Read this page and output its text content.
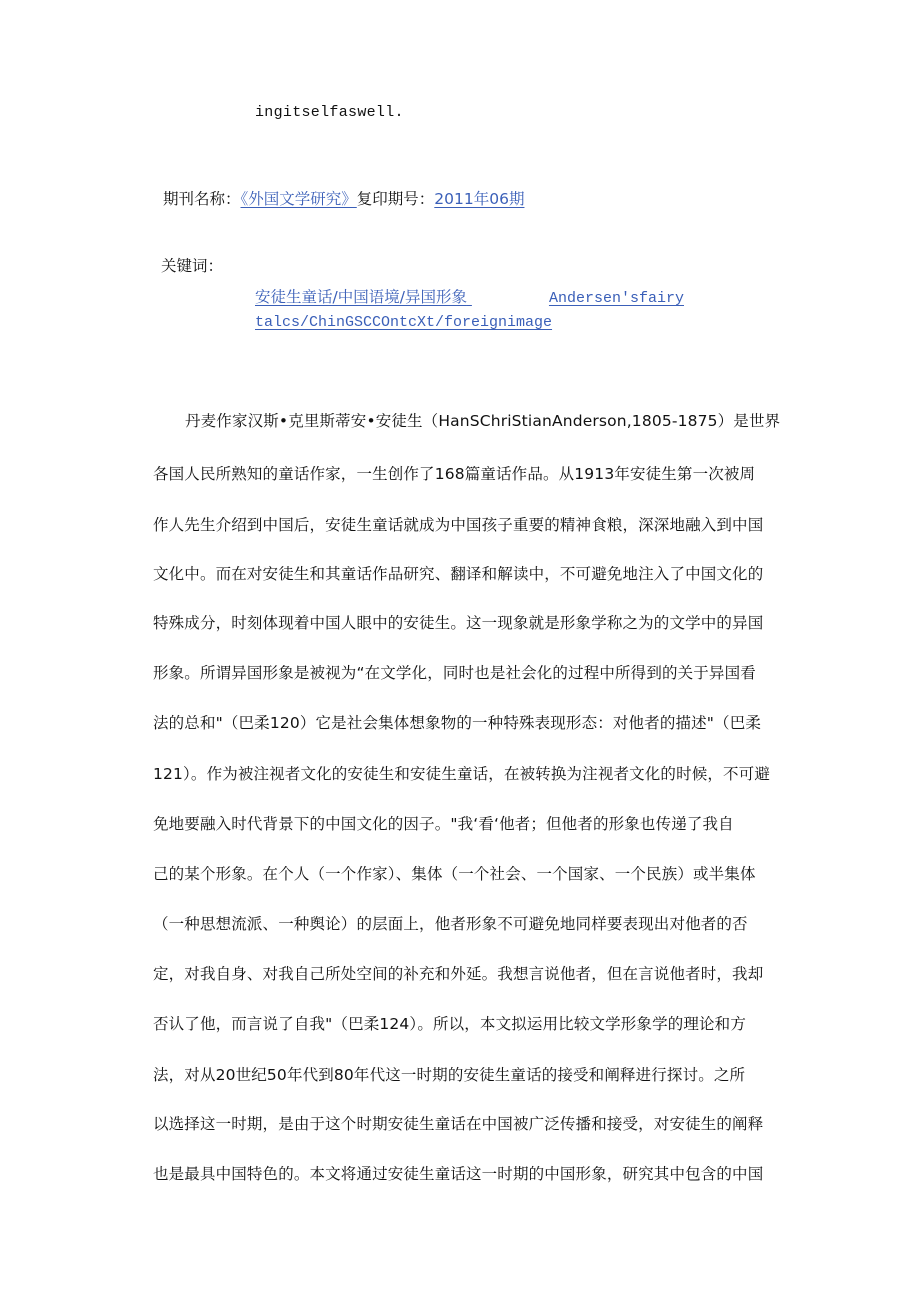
ingitselfaswell.

期刊名称：《外国文学研究》复印期号：2011年06期
关键词：
安徒生童话/中国语境/异国形象	Andersen'sfairy
talcs/ChinGSCCOntcXt/foreignimage

丹麦作家汉斯•克里斯蒂安•安徒生（HanSChriStianAnderson,1805-1875）是世界

各国人民所熟知的童话作家，一生创作了168篇童话作品。从1913年安徒生第一次被周

作人先生介绍到中国后，安徒生童话就成为中国孩子重要的精神食粮，深深地融入到中国

文化中。而在对安徒生和其童话作品研究、翻译和解读中，不可避免地注入了中国文化的

特殊成分，时刻体现着中国人眼中的安徒生。这一现象就是形象学称之为的文学中的异国

形象。所谓异国形象是被视为“在文学化，同时也是社会化的过程中所得到的关于异国看

法的总和"（巴柔120）它是社会集体想象物的一种特殊表现形态：对他者的描述"（巴柔

121）。作为被注视者文化的安徒生和安徒生童话，在被转换为注视者文化的时候，不可避

免地要融入时代背景下的中国文化的因子。"我‘看‘他者；但他者的形象也传递了我自

己的某个形象。在个人（一个作家）、集体（一个社会、一个国家、一个民族）或半集体

（一种思想流派、一种舆论）的层面上，他者形象不可避免地同样要表现出对他者的否

定，对我自身、对我自己所处空间的补充和外延。我想言说他者，但在言说他者时，我却

否认了他，而言说了自我"（巴柔124）。所以，本文拟运用比较文学形象学的理论和方

法，对从20世纪50年代到80年代这一时期的安徒生童话的接受和阐释进行探讨。之所

以选择这一时期，是由于这个时期安徒生童话在中国被广泛传播和接受，对安徒生的阐释

也是最具中国特色的。本文将通过安徒生童话这一时期的中国形象，研究其中包含的中国
